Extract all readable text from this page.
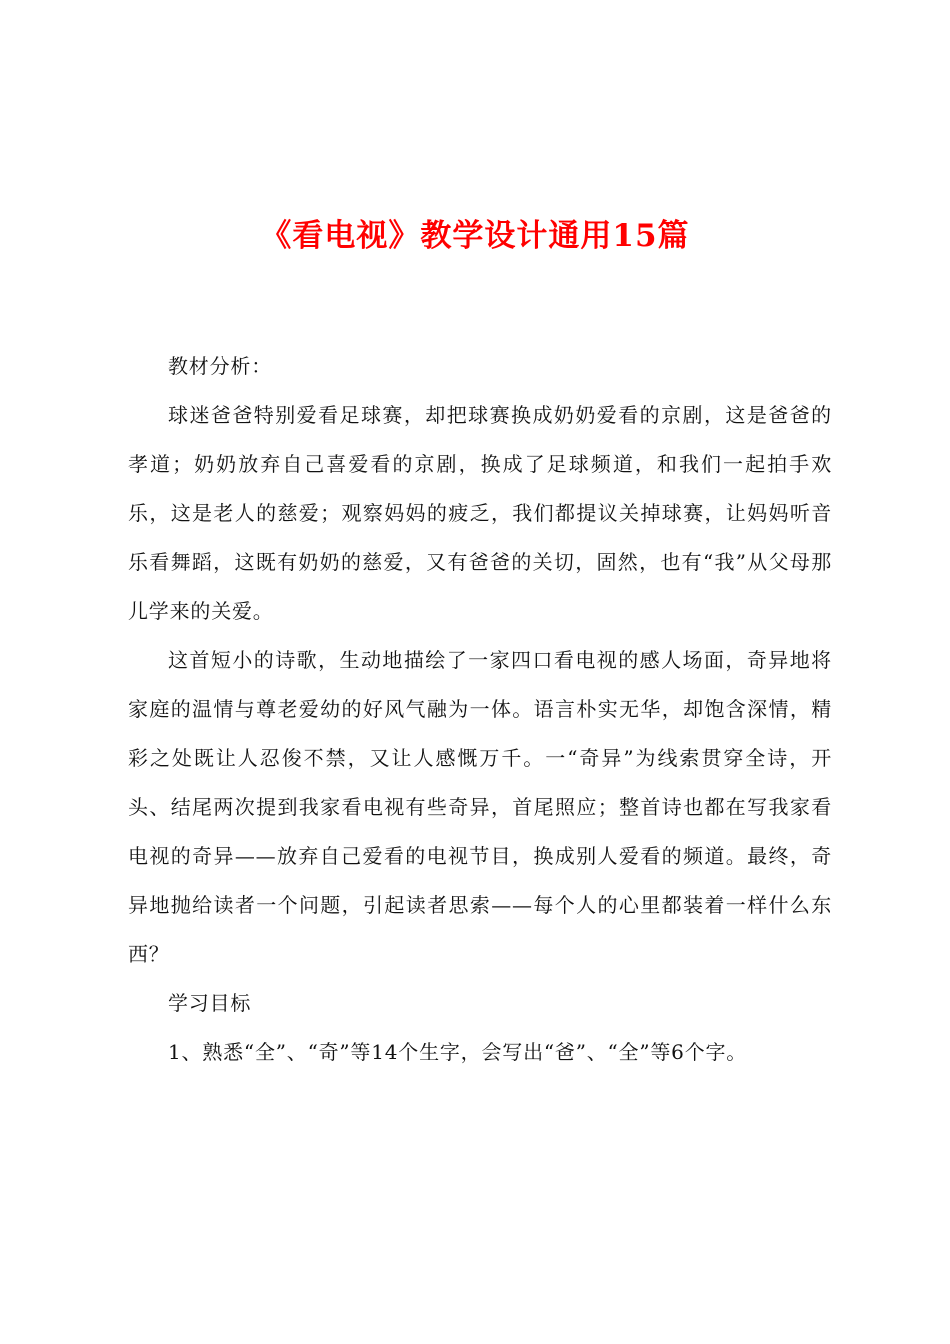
《看电视》教学设计通用15篇

教材分析：

球迷爸爸特别爱看足球赛，却把球赛换成奶奶爱看的京剧，这是爸爸的孝道；奶奶放弃自己喜爱看的京剧，换成了足球频道，和我们一起拍手欢乐，这是老人的慈爱；观察妈妈的疲乏，我们都提议关掉球赛，让妈妈听音乐看舞蹈，这既有奶奶的慈爱，又有爸爸的关切，固然，也有“我”从父母那儿学来的关爱。

这首短小的诗歌，生动地描绘了一家四口看电视的感人场面，奇异地将家庭的温情与尊老爱幼的好风气融为一体。语言朴实无华，却饱含深情，精彩之处既让人忍俊不禁，又让人感慨万千。一“奇异”为线索贯穿全诗，开头、结尾两次提到我家看电视有些奇异，首尾照应；整首诗也都在写我家看电视的奇异——放弃自己爱看的电视节目，换成别人爱看的频道。最终，奇异地抛给读者一个问题，引起读者思索——每个人的心里都装着一样什么东西？

学习目标

1、熟悉“全”、“奇”等14个生字，会写出“爸”、“全”等6个字。
